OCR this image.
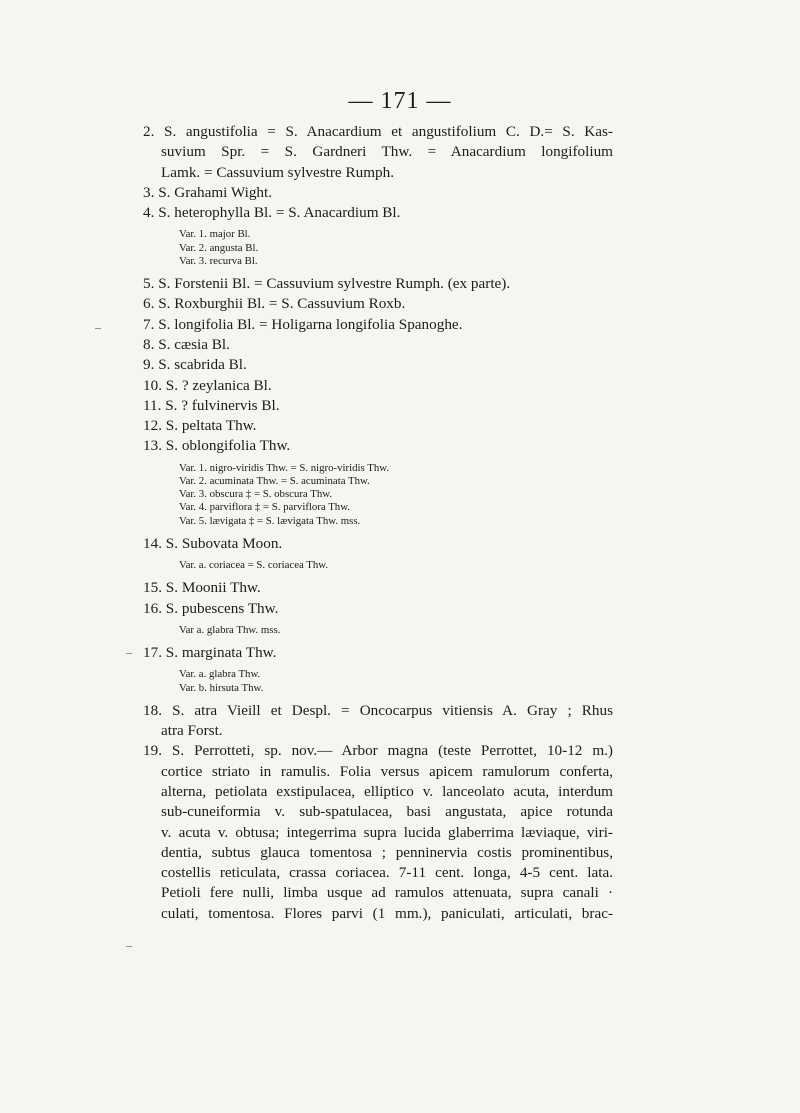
— 171 —
2. S. angustifolia = S. Anacardium et angustifolium C. D.= S. Kas-
suvium Spr. = S. Gardneri Thw. = Anacardium longifolium
Lamk. = Cassuvium sylvestre Rumph.
3. S. Grahami Wight.
4. S. heterophylla Bl. = S. Anacardium Bl.
Var. 1. major Bl.
Var. 2. angusta Bl.
Var. 3. recurva Bl.
5. S. Forstenii Bl. = Cassuvium sylvestre Rumph. (ex parte).
6. S. Roxburghii Bl. = S. Cassuvium Roxb.
7. S. longifolia Bl. = Holigarna longifolia Spanoghe.
8. S. cæsia Bl.
9. S. scabrida Bl.
10. S. ? zeylanica Bl.
11. S. ? fulvinervis Bl.
12. S. peltata Thw.
13. S. oblongifolia Thw.
Var. 1. nigro-viridis Thw. = S. nigro-viridis Thw.
Var. 2. acuminata Thw. = S. acuminata Thw.
Var. 3. obscura ‡ = S. obscura Thw.
Var. 4. parviflora ‡ = S. parviflora Thw.
Var. 5. lævigata ‡ = S. lævigata Thw. mss.
14. S. Subovata Moon.
Var. a. coriacea = S. coriacea Thw.
15. S. Moonii Thw.
16. S. pubescens Thw.
Var a. glabra Thw. mss.
17. S. marginata Thw.
Var. a. glabra Thw.
Var. b. hirsuta Thw.
18. S. atra Vieill et Despl. = Oncocarpus vitiensis A. Gray ; Rhus
atra Forst.
19. S. Perrotteti, sp. nov.— Arbor magna (teste Perrottet, 10-12 m.)
cortice striato in ramulis. Folia versus apicem ramulorum conferta,
alterna, petiolata exstipulacea, elliptico v. lanceolato acuta, interdum
sub-cuneiformia v. sub-spatulacea, basi angustata, apice rotunda
v. acuta v. obtusa; integerrima supra lucida glaberrima læviaque, viri-
dentia, subtus glauca tomentosa ; penninervia costis prominentibus,
costellis reticulata, crassa coriacea. 7-11 cent. longa, 4-5 cent. lata.
Petioli fere nulli, limba usque ad ramulos attenuata, supra canali ·
culati, tomentosa. Flores parvi (1 mm.), paniculati, articulati, brac-
–
–
–
